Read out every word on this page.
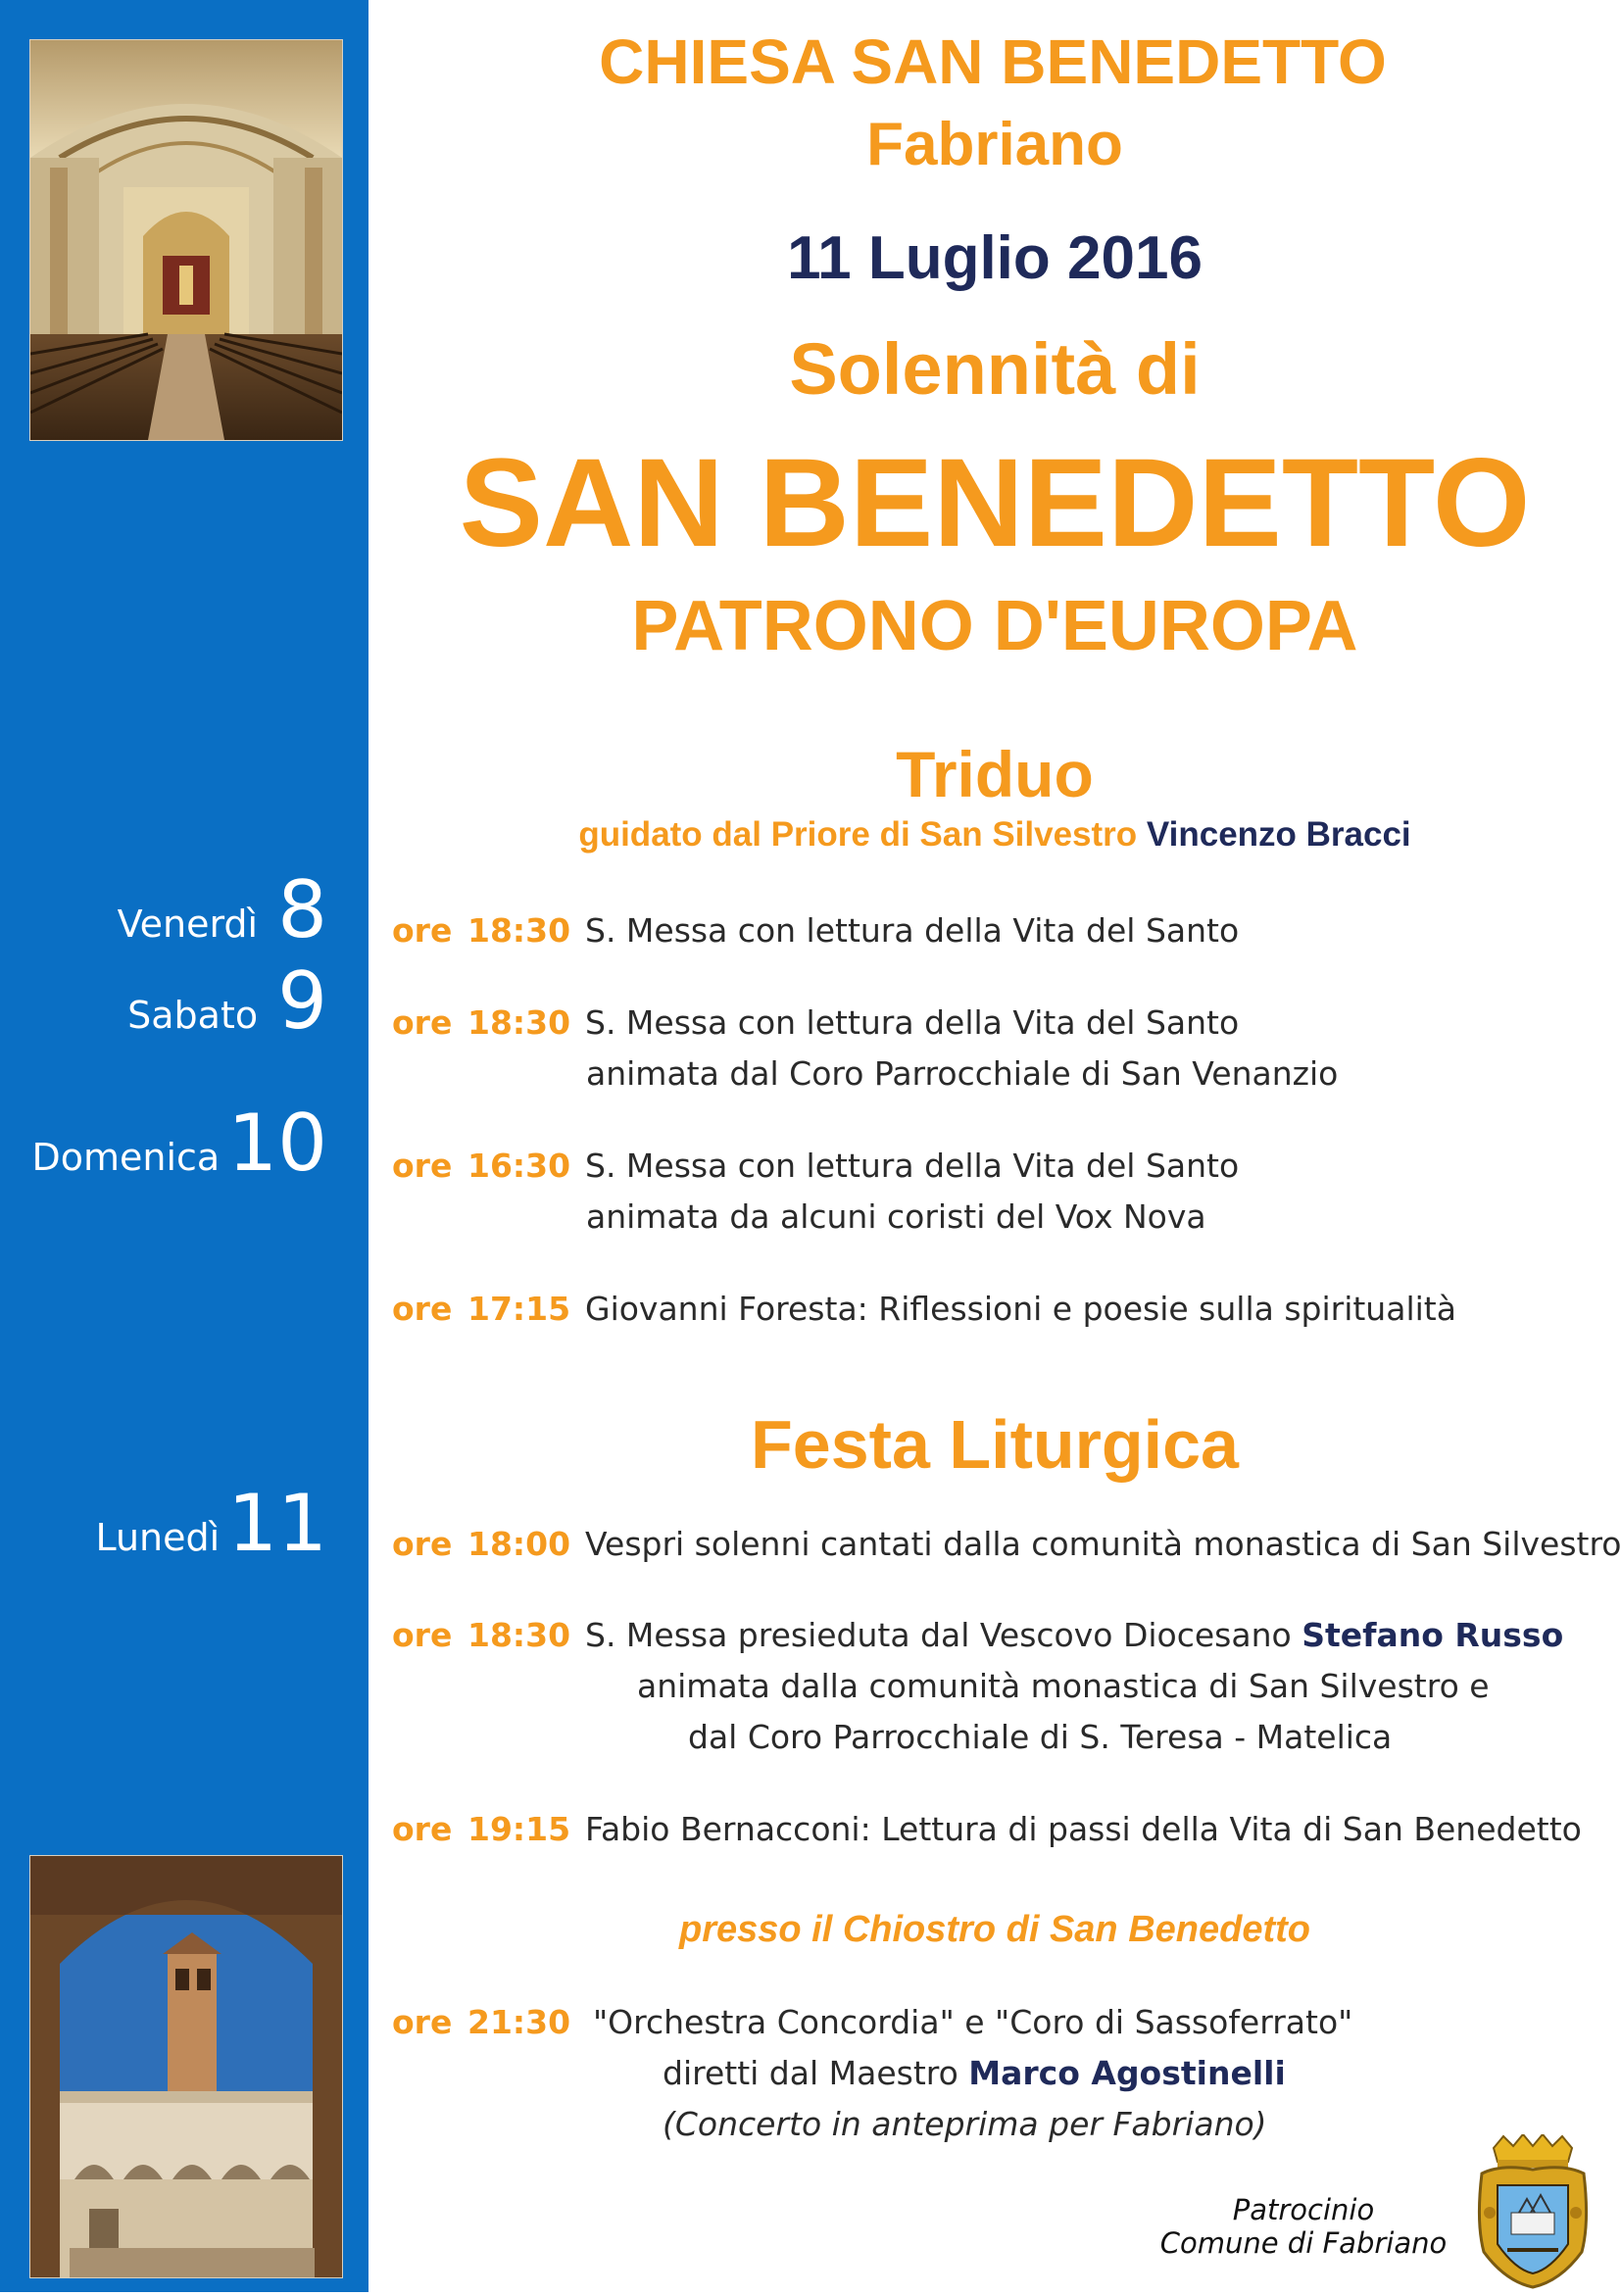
Venerdì 8
Sabato 9
Domenica 10
Lunedì 11
CHIESA SAN BENEDETTO
Fabriano
11 Luglio 2016
Solennità di
SAN BENEDETTO
PATRONO D'EUROPA
Triduo
guidato dal Priore di San Silvestro Vincenzo Bracci
ore 18:30 S. Messa con lettura della Vita del Santo
ore 18:30 S. Messa con lettura della Vita del Santo
animata dal Coro Parrocchiale di San Venanzio
ore 16:30 S. Messa con lettura della Vita del Santo
animata da alcuni coristi del Vox Nova
ore 17:15 Giovanni Foresta: Riflessioni e poesie sulla spiritualità
Festa Liturgica
ore 18:00 Vespri solenni cantati dalla comunità monastica di San Silvestro
ore 18:30 S. Messa presieduta dal Vescovo Diocesano Stefano Russo
animata dalla comunità monastica di San Silvestro e
dal Coro Parrocchiale di S. Teresa - Matelica
ore 19:15 Fabio Bernacconi: Lettura di passi della Vita di San Benedetto
presso il Chiostro di San Benedetto
ore 21:30 "Orchestra Concordia" e "Coro di Sassoferrato"
diretti dal Maestro Marco Agostinelli
(Concerto in anteprima per Fabriano)
Patrocinio
Comune di Fabriano
